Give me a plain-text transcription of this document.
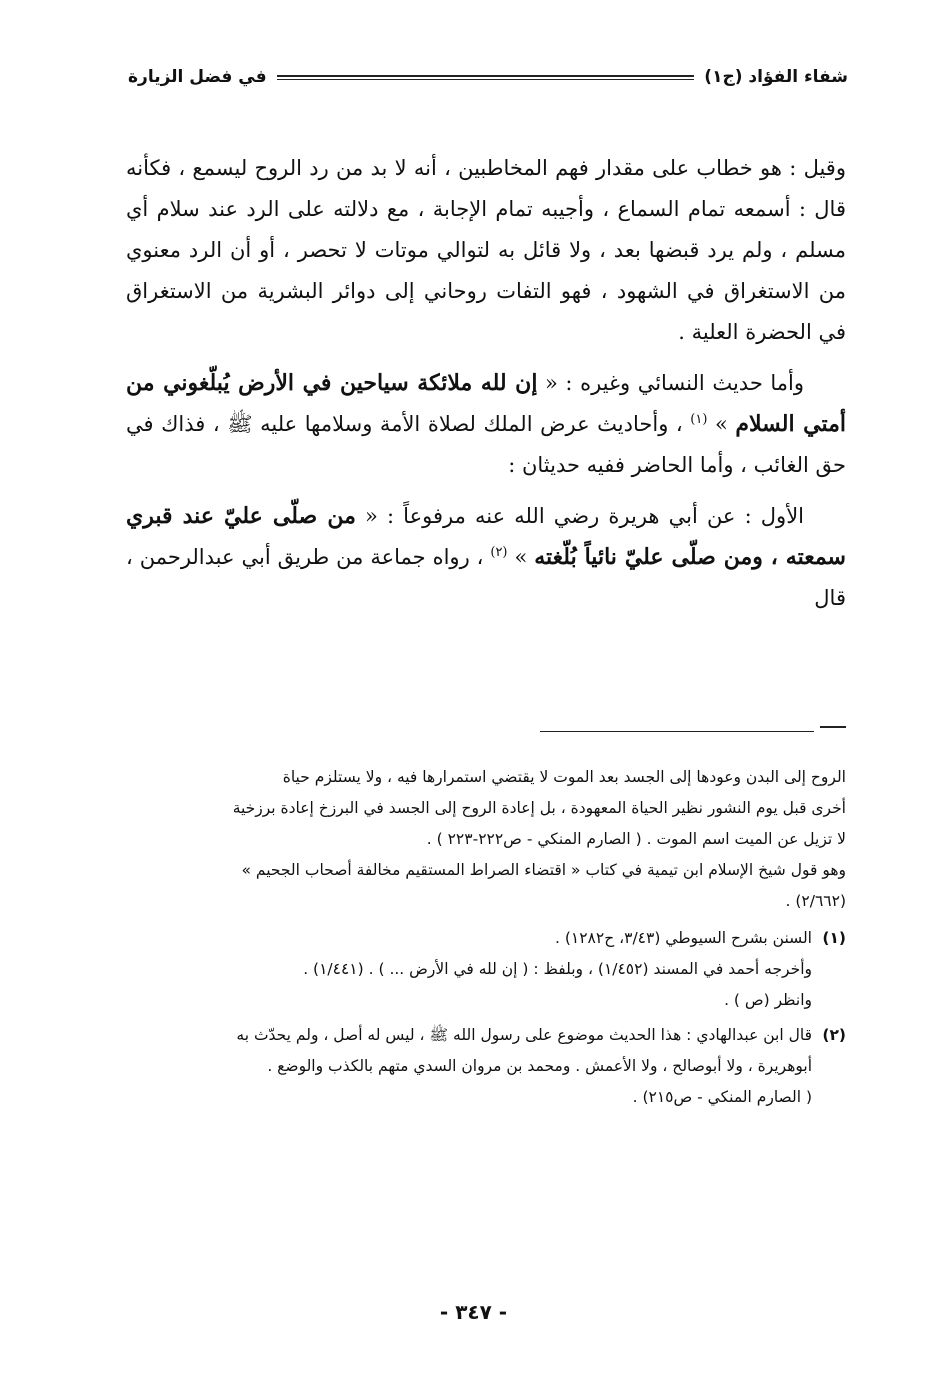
شفاء الفؤاد (ج١)
في فضل الزيارة

وقيل : هو خطاب على مقدار فهم المخاطبين ، أنه لا بد من رد الروح ليسمع ، فكأنه قال : أسمعه تمام السماع ، وأجيبه تمام الإجابة ، مع دلالته على الرد عند سلام أي مسلم ، ولم يرد قبضها بعد ، ولا قائل به لتوالي موتات لا تحصر ، أو أن الرد معنوي من الاستغراق في الشهود ، فهو التفات روحاني إلى دوائر البشرية من الاستغراق في الحضرة العلية .

وأما حديث النسائي وغيره : « إن لله ملائكة سياحين في الأرض يُبلّغوني من أمتي السلام » $^{(١)}$ ، وأحاديث عرض الملك لصلاة الأمة وسلامها عليه ﷺ ، فذاك في حق الغائب ، وأما الحاضر ففيه حديثان :

الأول : عن أبي هريرة رضي الله عنه مرفوعاً : « من صلّى عليّ عند قبري سمعته ، ومن صلّى عليّ نائياً بُلّغته » $^{(٢)}$ ، رواه جماعة من طريق أبي عبدالرحمن ، قال

الروح إلى البدن وعودها إلى الجسد بعد الموت لا يقتضي استمرارها فيه ، ولا يستلزم حياة

أخرى قبل يوم النشور نظير الحياة المعهودة ، بل إعادة الروح إلى الجسد في البرزخ إعادة برزخية

لا تزيل عن الميت اسم الموت . ( الصارم المنكي - ص٢٢٢-٢٢٣ ) .

وهو قول شيخ الإسلام ابن تيمية في كتاب « اقتضاء الصراط المستقيم مخالفة أصحاب الجحيم »

(٢/٦٦٢) .

(١)

السنن بشرح السيوطي (٣/٤٣، ح١٢٨٢) .

وأخرجه أحمد في المسند (١/٤٥٢) ، وبلفظ : ( إن لله في الأرض ... ) . (١/٤٤١) .

وانظر (ص ) .

(٢)

قال ابن عبدالهادي : هذا الحديث موضوع على رسول الله ﷺ ، ليس له أصل ، ولم يحدّث به

أبوهريرة ، ولا أبوصالح ، ولا الأعمش . ومحمد بن مروان السدي متهم بالكذب والوضع .

( الصارم المنكي - ص٢١٥) .

- ٣٤٧ -
